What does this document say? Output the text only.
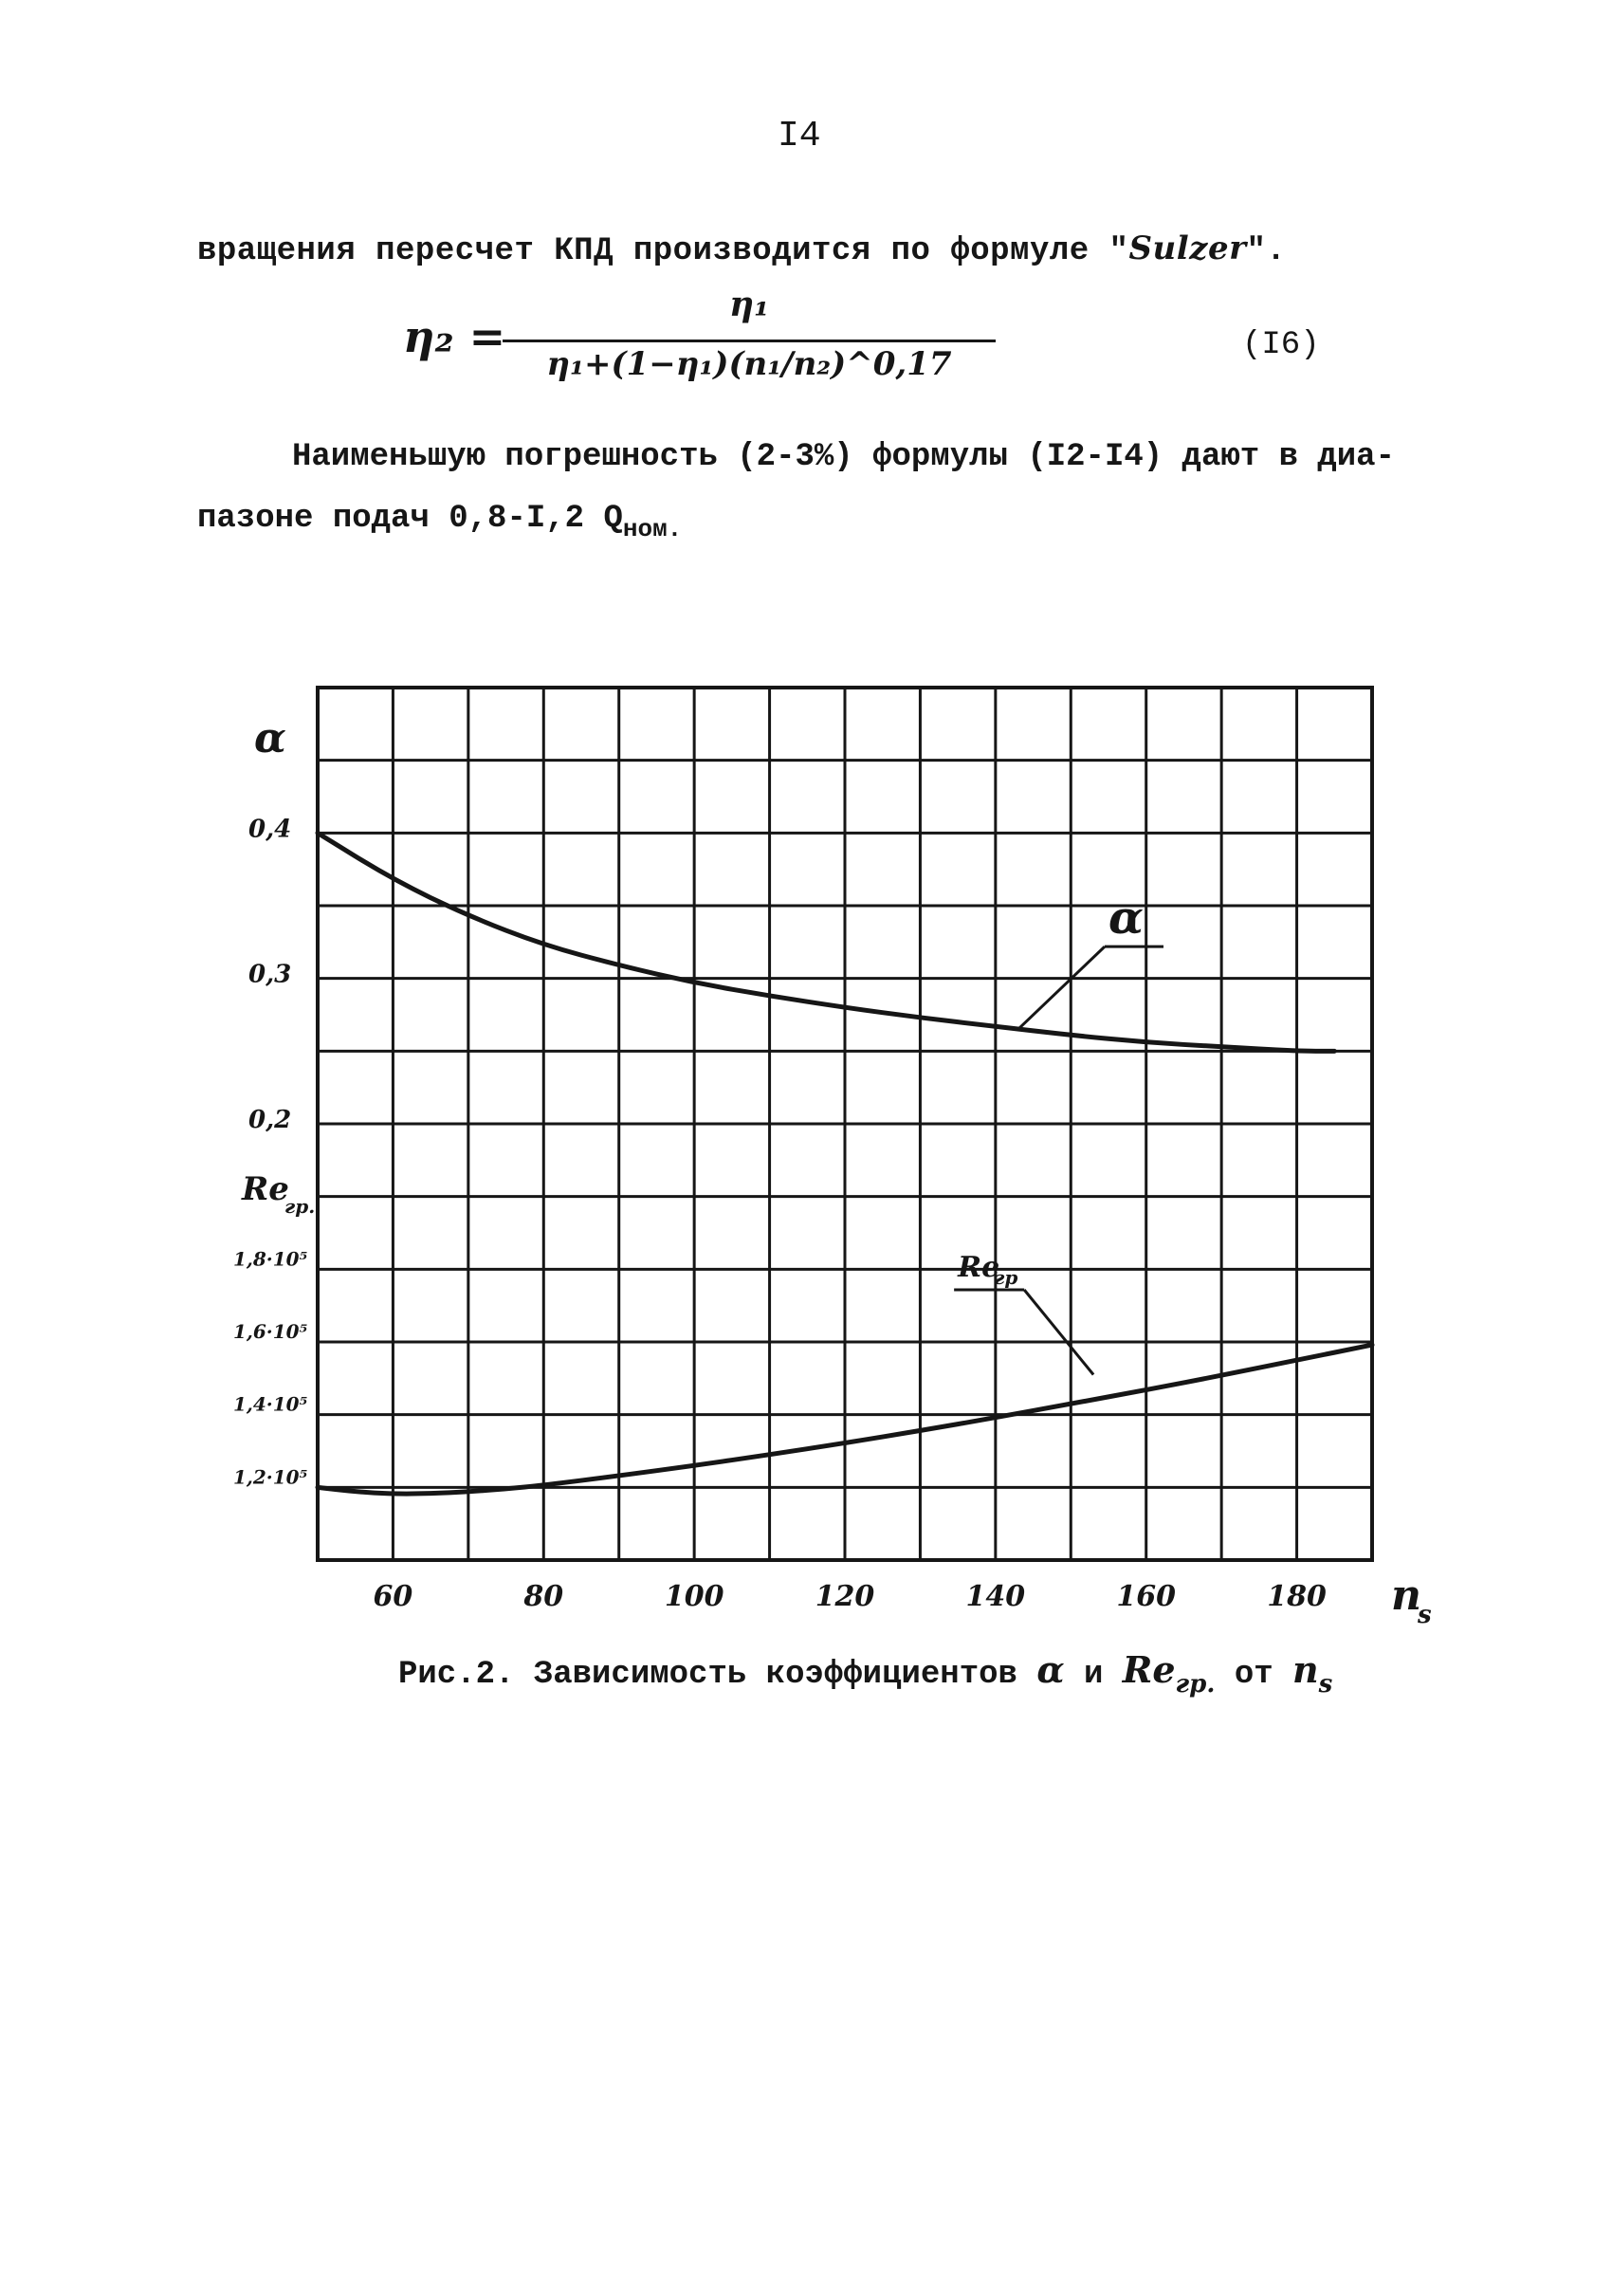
I4
вращения пересчет КПД производится по формуле "Sulzer".
η₂ =
η₁
η₁+(1−η₁)(n₁/n₂)^0,17	(I6)
Наименьшую погрешность (2-3%) формулы (I2-I4) дают в диа-
пазоне подач 0,8-I,2 $Q_{ном.}$
60	80	100	120	140	160	180 n
s
α
0,4
0,3
0,2
Re
гр.
1,8·10⁵
1,6·10⁵
1,4·10⁵
1,2·10⁵
α
Re
гр
Рис.2. Зависимость коэффициентов α и $Re_{гр.}$ от $n_s$
